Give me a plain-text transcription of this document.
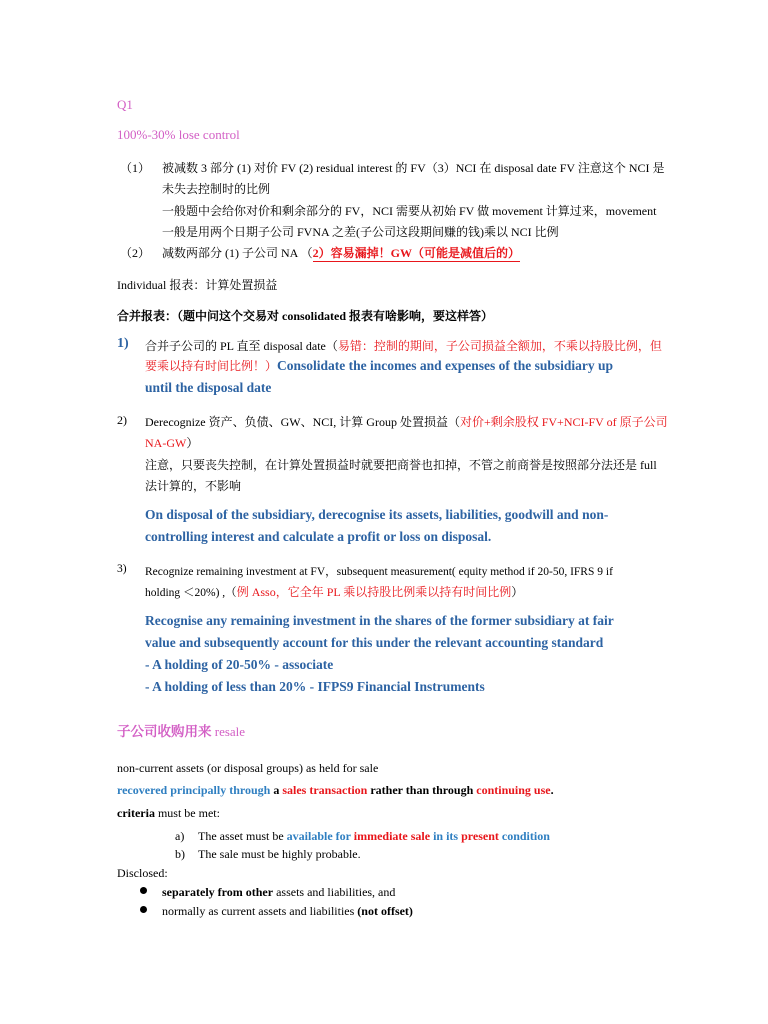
Q1
100%-30% lose control
（1） 被减数 3 部分 (1) 对价 FV (2) residual interest 的 FV（3）NCI 在 disposal date FV 注意这个 NCI 是
未失去控制时的比例
一般题中会给你对价和剩余部分的 FV，NCI 需要从初始 FV 做 movement 计算过来，movement
一般是用两个日期子公司 FVNA 之差(子公司这段期间赚的钱)乘以 NCI 比例
（2） 减数两部分 (1) 子公司 NA （2）容易漏掉！GW（可能是减值后的）
Individual 报表：计算处置损益
合并报表：（题中问这个交易对 consolidated 报表有啥影响，要这样答）
1) 合并子公司的 PL 直至 disposal date（易错：控制的期间，子公司损益全额加，不乘以持股比例，但
要乘以持有时间比例！）Consolidate the incomes and expenses of the subsidiary up
until the disposal date
2) Derecognize 资产、负债、GW、NCI, 计算 Group 处置损益（对价+剩余股权 FV+NCI-FV of 原子公司
NA-GW）
注意，只要丧失控制，在计算处置损益时就要把商誉也扣掉，不管之前商誉是按照部分法还是 full
法计算的，不影响
On disposal of the subsidiary, derecognise its assets, liabilities, goodwill and non-
controlling interest and calculate a profit or loss on disposal.
3) Recognize remaining investment at FV，subsequent measurement( equity method if 20-50, IFRS 9 if
holding ＜20%) ,（例 Asso，它全年 PL 乘以持股比例乘以持有时间比例）
Recognise any remaining investment in the shares of the former subsidiary at fair
value and subsequently account for this under the relevant accounting standard
- A holding of 20-50% - associate
- A holding of less than 20% - IFPS9 Financial Instruments
子公司收购用来 resale
non-current assets (or disposal groups) as held for sale
recovered principally through a sales transaction rather than through continuing use.
criteria must be met:
a) The asset must be available for immediate sale in its present condition
b) The sale must be highly probable.
Disclosed:
separately from other assets and liabilities, and
normally as current assets and liabilities (not offset)
